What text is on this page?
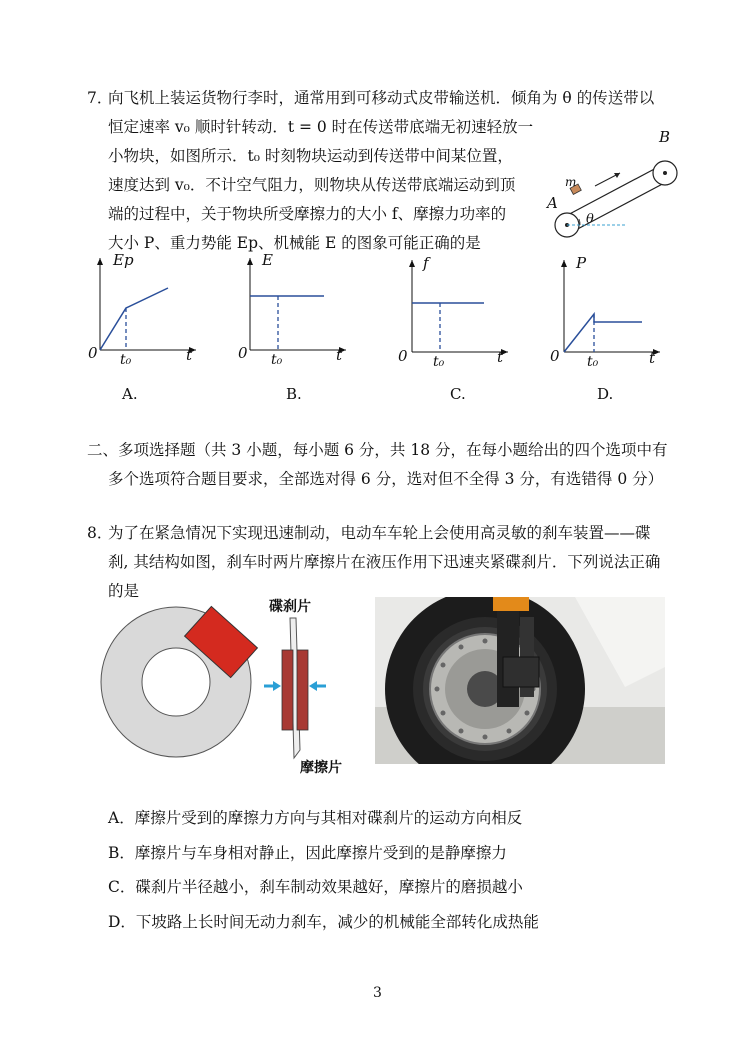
7．
向飞机上装运货物行李时，通常用到可移动式皮带输送机．倾角为 θ 的传送带以
恒定速率 v₀ 顺时针转动．t = 0 时在传送带底端无初速轻放一
小物块，如图所示．t₀ 时刻物块运动到传送带中间某位置，
速度达到 v₀．不计空气阻力，则物块从传送带底端运动到顶
端的过程中，关于物块所受摩擦力的大小 f、摩擦力功率的
大小 P、重力势能 Ep、机械能 E 的图象可能正确的是
A
B
m
θ
Ep
0	t
t₀
A.
E
0	t
t₀
B.
f
0	t
t₀
C.
P
0	t
t₀
D.
二、多项选择题（共 3 小题，每小题 6 分，共 18 分，在每小题给出的四个选项中有
多个选项符合题目要求，全部选对得 6 分，选对但不全得 3 分，有选错得 0 分）
8．
为了在紧急情况下实现迅速制动，电动车车轮上会使用高灵敏的刹车装置——碟
刹, 其结构如图，刹车时两片摩擦片在液压作用下迅速夹紧碟刹片．下列说法正确
的是
碟刹片
摩擦片
A．摩擦片受到的摩擦力方向与其相对碟刹片的运动方向相反
B．摩擦片与车身相对静止，因此摩擦片受到的是静摩擦力
C．碟刹片半径越小，刹车制动效果越好，摩擦片的磨损越小
D．下坡路上长时间无动力刹车，减少的机械能全部转化成热能
3
